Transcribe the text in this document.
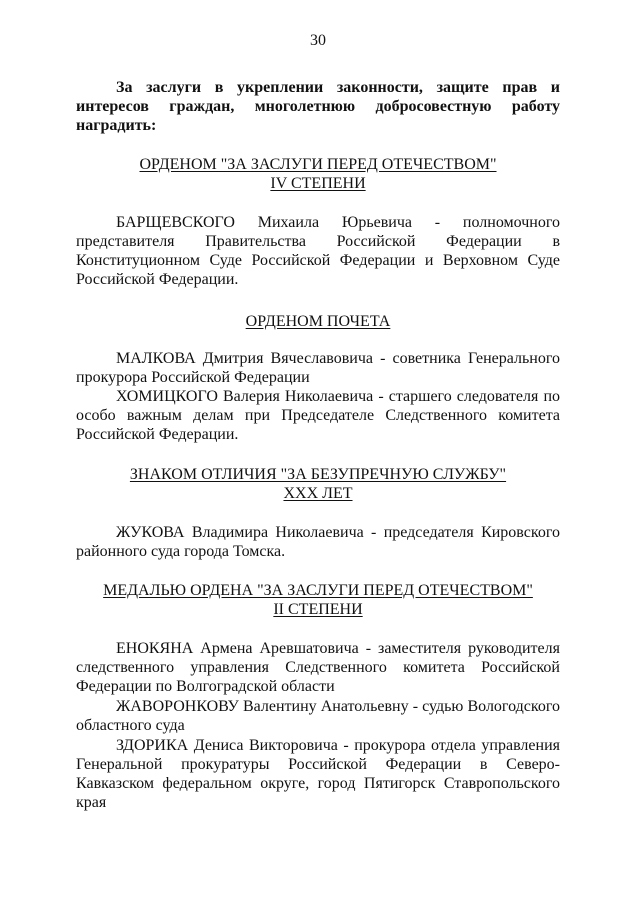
30
За заслуги в укреплении законности, защите прав и интересов граждан, многолетнюю добросовестную работу наградить:
ОРДЕНОМ "ЗА ЗАСЛУГИ ПЕРЕД ОТЕЧЕСТВОМ"
IV СТЕПЕНИ
БАРЩЕВСКОГО Михаила Юрьевича - полномочного представителя Правительства Российской Федерации в Конституционном Суде Российской Федерации и Верховном Суде Российской Федерации.
ОРДЕНОМ ПОЧЕТА
МАЛКОВА Дмитрия Вячеславовича - советника Генерального прокурора Российской Федерации
ХОМИЦКОГО Валерия Николаевича - старшего следователя по особо важным делам при Председателе Следственного комитета Российской Федерации.
ЗНАКОМ ОТЛИЧИЯ "ЗА БЕЗУПРЕЧНУЮ СЛУЖБУ"
XXX ЛЕТ
ЖУКОВА Владимира Николаевича - председателя Кировского районного суда города Томска.
МЕДАЛЬЮ ОРДЕНА "ЗА ЗАСЛУГИ ПЕРЕД ОТЕЧЕСТВОМ"
II СТЕПЕНИ
ЕНОКЯНА Армена Аревшатовича - заместителя руководителя следственного управления Следственного комитета Российской Федерации по Волгоградской области
ЖАВОРОНКОВУ Валентину Анатольевну - судью Вологодского областного суда
ЗДОРИКА Дениса Викторовича - прокурора отдела управления Генеральной прокуратуры Российской Федерации в Северо-Кавказском федеральном округе, город Пятигорск Ставропольского края
